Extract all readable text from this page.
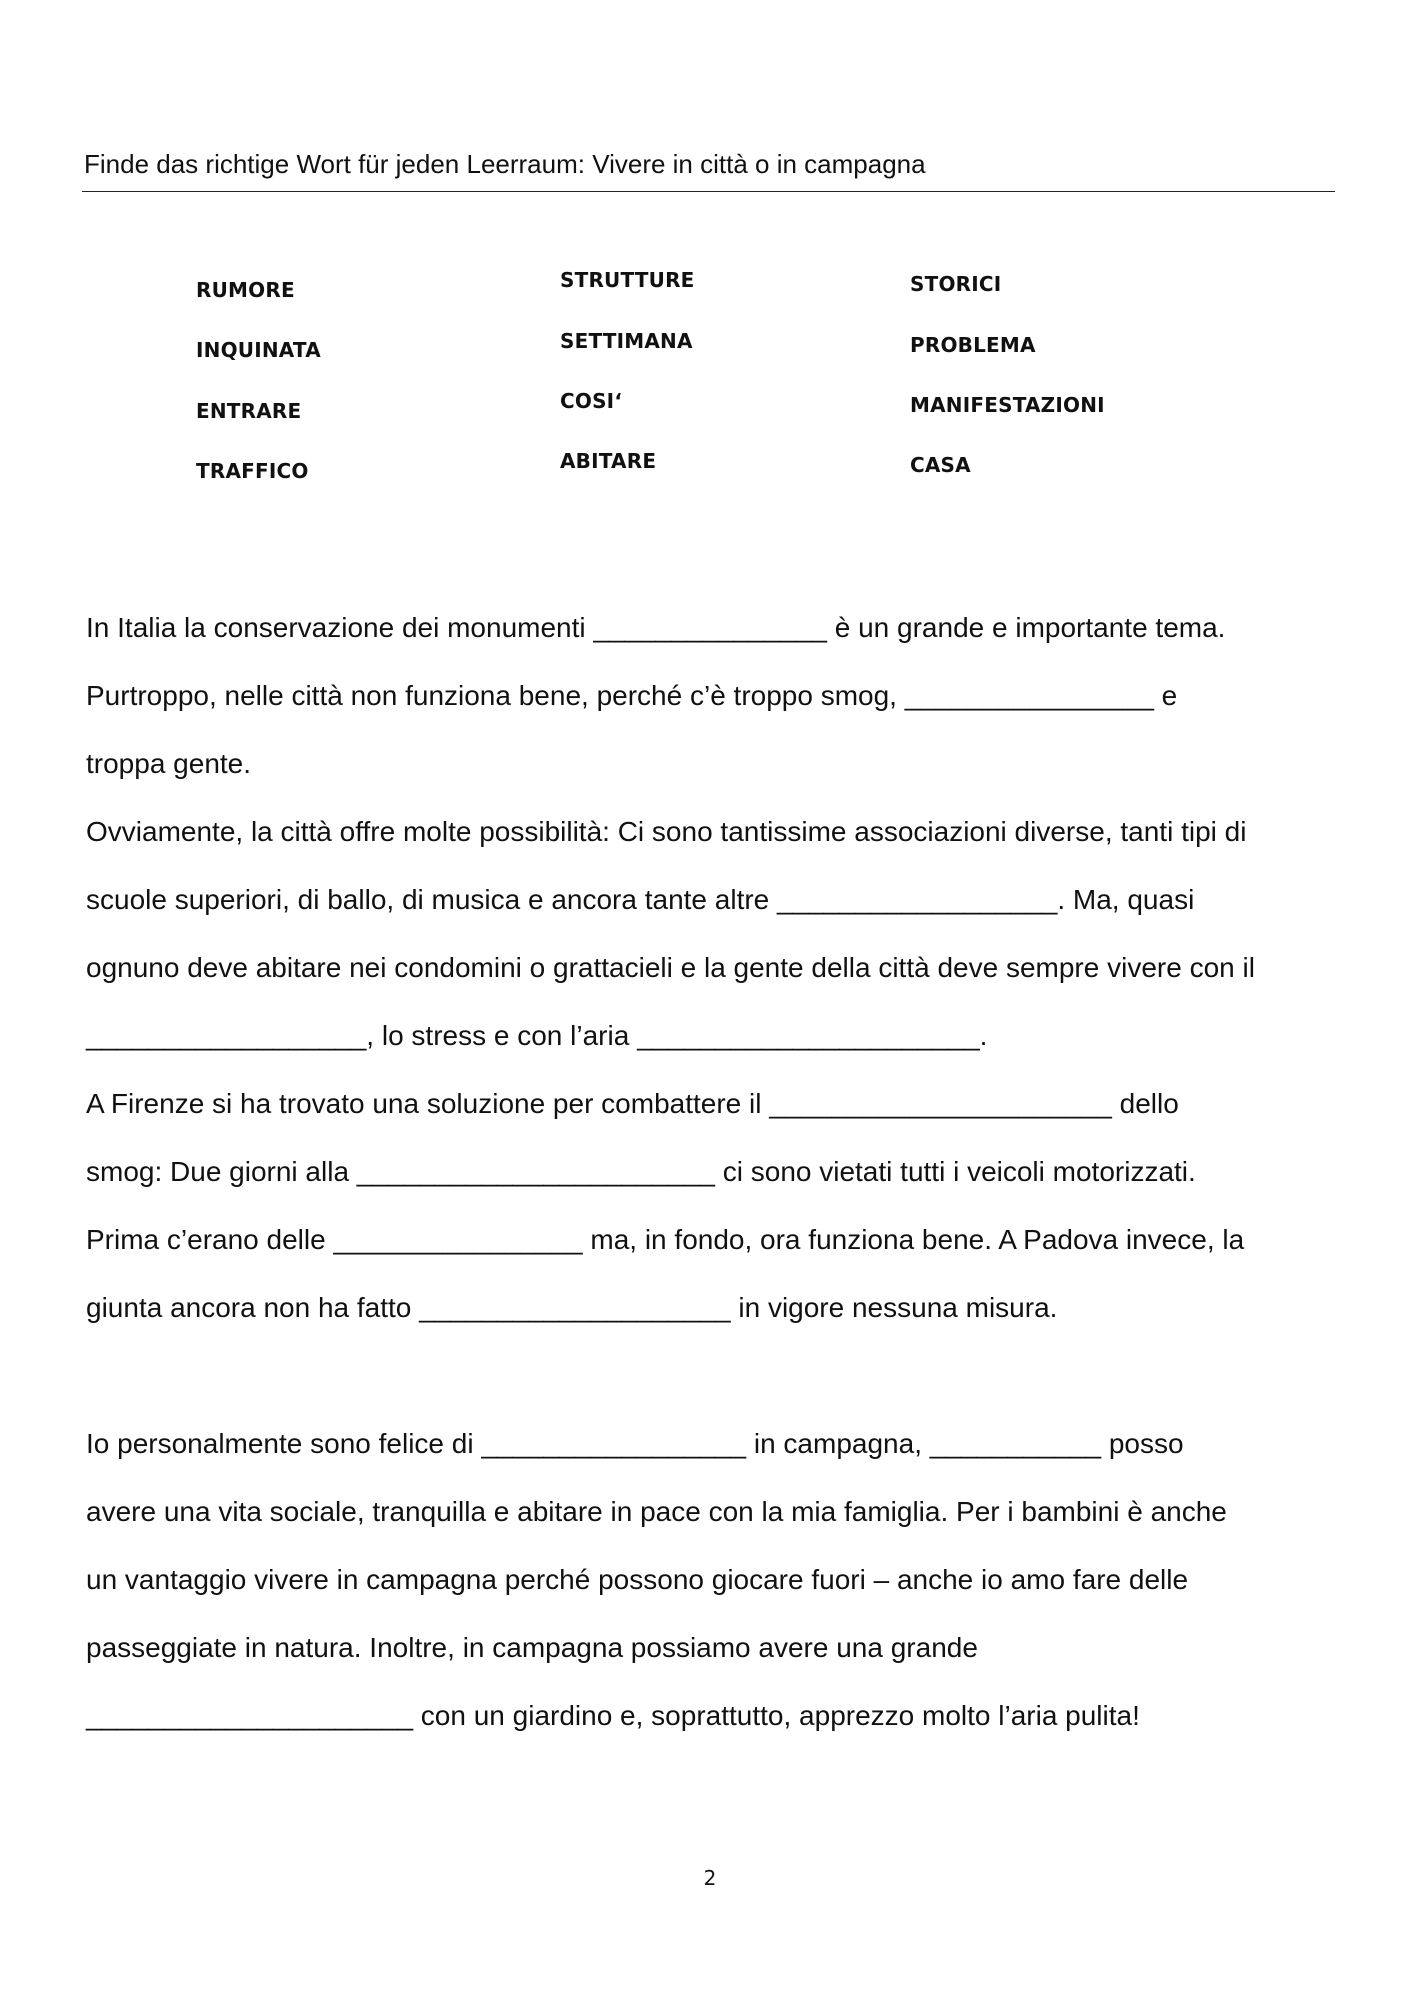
Finde das richtige Wort für jeden Leerraum: Vivere in città o in campagna
RUMORE
INQUINATA
ENTRARE
TRAFFICO
STRUTTURE
SETTIMANA
COSI‘
ABITARE
STORICI
PROBLEMA
MANIFESTAZIONI
CASA
In Italia la conservazione dei monumenti _______________ è un grande e importante tema.
Purtroppo, nelle città non funziona bene, perché c’è troppo smog, ________________ e
troppa gente.
Ovviamente, la città offre molte possibilità: Ci sono tantissime associazioni diverse, tanti tipi di
scuole superiori, di ballo, di musica e ancora tante altre __________________. Ma, quasi
ognuno deve abitare nei condomini o grattacieli e la gente della città deve sempre vivere con il
__________________, lo stress e con l’aria ______________________.
A Firenze si ha trovato una soluzione per combattere il ______________________ dello
smog: Due giorni alla _______________________ ci sono vietati tutti i veicoli motorizzati.
Prima c’erano delle ________________ ma, in fondo, ora funziona bene. A Padova invece, la
giunta ancora non ha fatto ____________________ in vigore nessuna misura.
Io personalmente sono felice di _________________ in campagna, ___________ posso
avere una vita sociale, tranquilla e abitare in pace con la mia famiglia. Per i bambini è anche
un vantaggio vivere in campagna perché possono giocare fuori – anche io amo fare delle
passeggiate in natura. Inoltre, in campagna possiamo avere una grande
_____________________ con un giardino e, soprattutto, apprezzo molto l’aria pulita!
2
